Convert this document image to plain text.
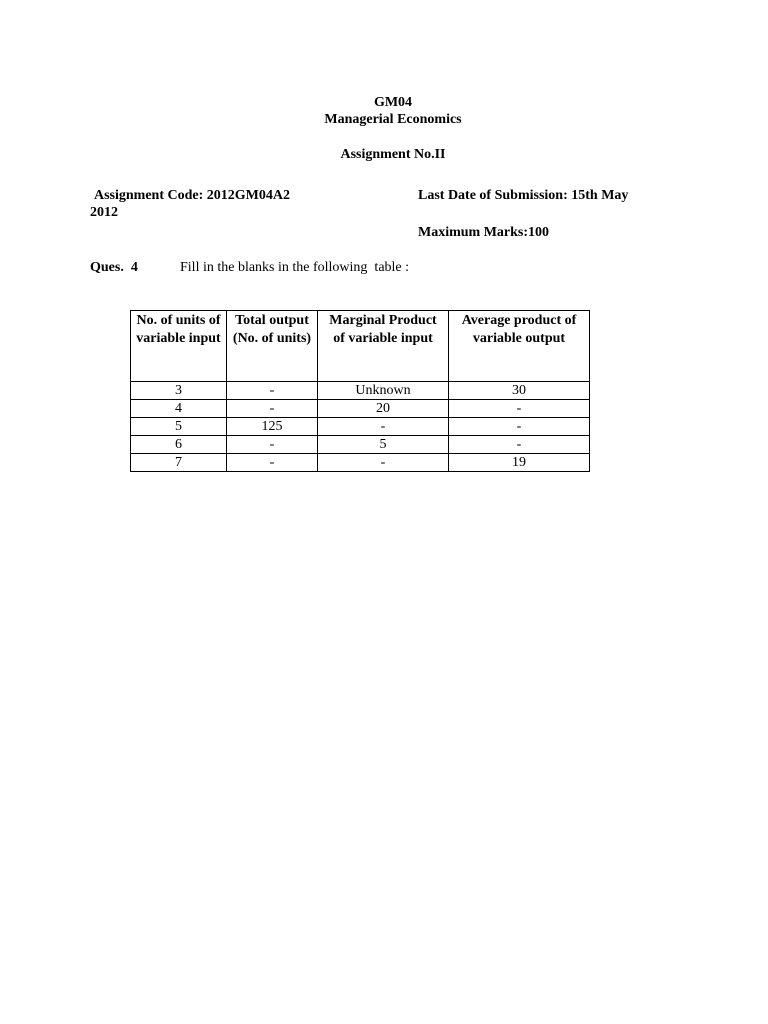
GM04
Managerial Economics
Assignment No.II
Assignment Code: 2012GM04A2
2012
Last Date of Submission: 15th May
Maximum Marks:100
Ques.  4	Fill in the blanks in the following  table :
No. of units of variable input	Total output (No. of units)	Marginal Product of variable input	Average product of variable output
3	-	Unknown	30
4	-	20	-
5	125	-	-
6	-	5	-
7	-	-	19
